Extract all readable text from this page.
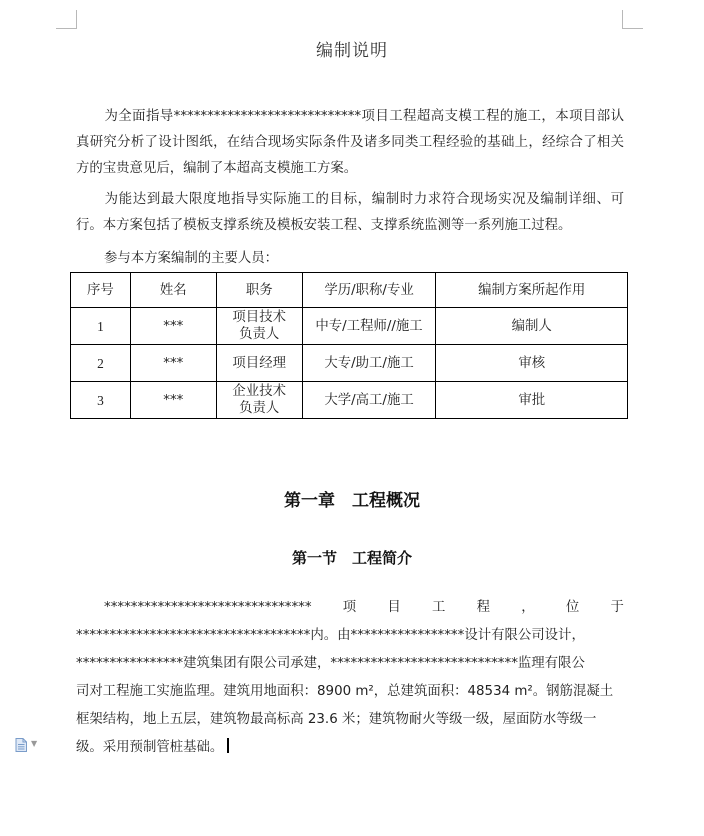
编制说明
为全面指导****************************项目工程超高支模工程的施工，本项目部认真研究分析了设计图纸，在结合现场实际条件及诸多同类工程经验的基础上，经综合了相关方的宝贵意见后，编制了本超高支模施工方案。
为能达到最大限度地指导实际施工的目标，编制时力求符合现场实况及编制详细、可行。本方案包括了模板支撑系统及模板安装工程、支撑系统监测等一系列施工过程。
参与本方案编制的主要人员：
序号	姓名	职务	学历/职称/专业	编制方案所起作用
1	***	项目技术负责人	中专/工程师//施工	编制人
2	***	项目经理	大专/助工/施工	审核
3	***	企业技术负责人	大学/高工/施工	审批
第一章　工程概况
第一节　工程简介
******************************* 项 目 工 程 ， 位 于
***********************************内。由*****************设计有限公司设计，
****************建筑集团有限公司承建，****************************监理有限公
司对工程施工实施监理。建筑用地面积：8900 m²，总建筑面积：48534 m²。钢筋混凝土
框架结构，地上五层，建筑物最高标高 23.6 米；建筑物耐火等级一级，屋面防水等级一
级。采用预制管桩基础。
▼
